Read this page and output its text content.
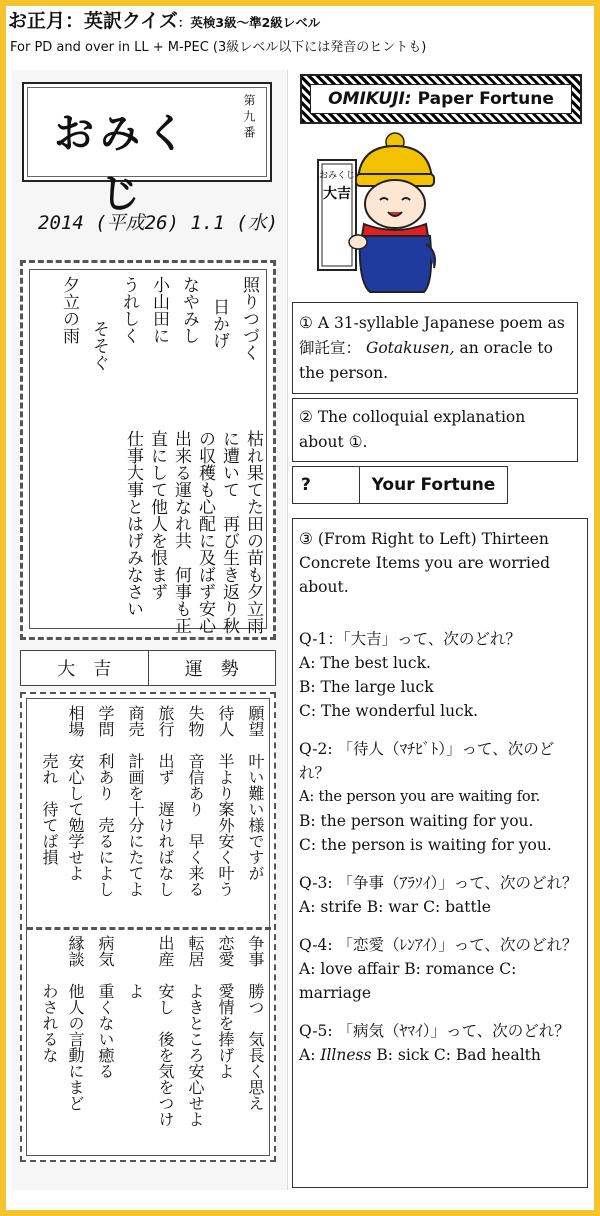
お正月：英訳クイズ：英検3級〜準2級レベル
For PD and over in LL + M-PEC (3級レベル以下には発音のヒントも)
おみくじ
第九番
2014 (平成26) 1.1 (水)
枯れ果てた田の苗も夕立雨
に遭いて　再び生き返り秋
の収穫も心配に及ばず安心
出来る運なれ共　何事も正
直にして他人を恨まず
仕事大事とはげみなさい
照りつづく
日かげ
なやみし
小山田に
うれしく
そそぐ
夕立の雨
大　吉	運　勢
願望　叶い難い様ですが
待人　半より案外安く叶う
失物　音信あり　早く来る
旅行　出ず　遅ければなし
商売　計画を十分にたてよ
学問　利あり　売るによし
相場　安心して勉学せよ
　　　売れ　待てば損
争事　勝つ　気長く思え
恋愛　愛情を捧げよ
転居　よきところ安心せよ
出産　安し　後を気をつけ
　　　よ
病気　重くない癒る
縁談　他人の言動にまど
　　　わされるな
OMIKUJI: Paper Fortune
おみくじ
大吉
① A 31-syllable Japanese poem as 御託宣： Gotakusen, an oracle to the person.
② The colloquial explanation about ①.
?	Your Fortune
③ (From Right to Left) Thirteen Concrete Items you are worried about.
Q-1：「大吉」って、次のどれ？
A: The best luck.
B: The large luck
C: The wonderful luck.
Q-2: 「待人（ﾏﾁﾋﾞﾄ）」って、次のどれ？
A: the person you are waiting for.
B: the person waiting for you.
C: the person is waiting for you.
Q-3: 「争事（ｱﾗｿｲ）」って、次のどれ？
A: strife B: war C: battle
Q-4: 「恋愛（ﾚﾝｱｲ）」って、次のどれ？
A: love affair B: romance C: marriage
Q-5: 「病気（ﾔﾏｲ）」って、次のどれ？
A: Illness B: sick C: Bad health
